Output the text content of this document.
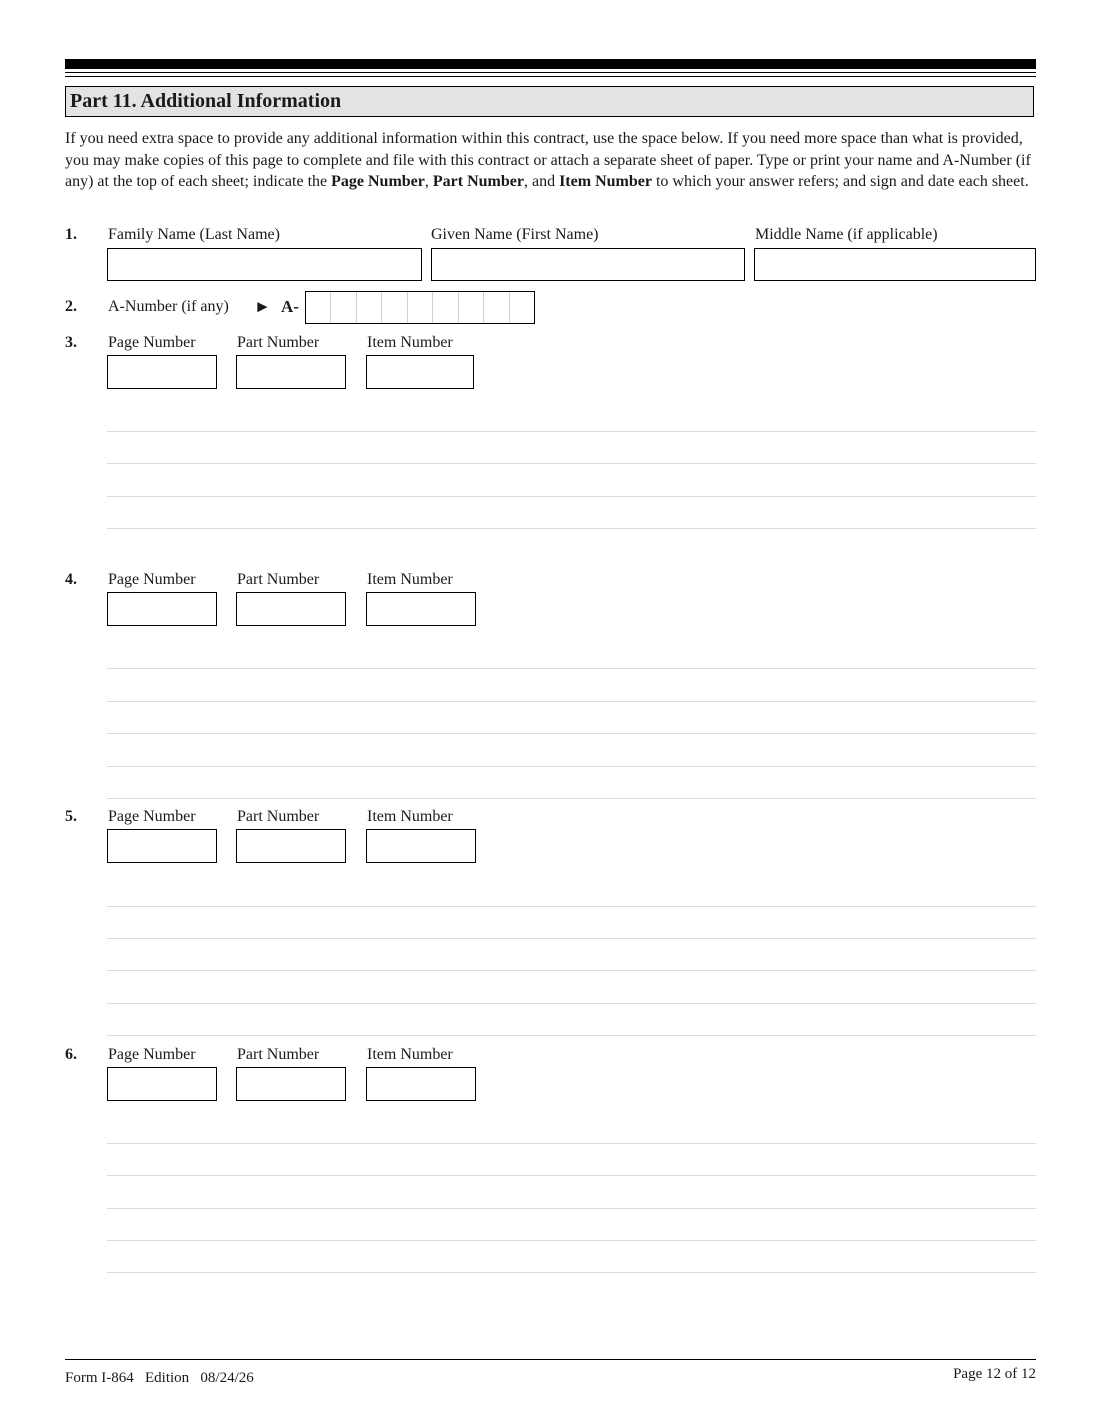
Part 11. Additional Information
If you need extra space to provide any additional information within this contract, use the space below. If you need more space than what is provided, you may make copies of this page to complete and file with this contract or attach a separate sheet of paper. Type or print your name and A-Number (if any) at the top of each sheet; indicate the Page Number, Part Number, and Item Number to which your answer refers; and sign and date each sheet.
1. Family Name (Last Name)	Given Name (First Name)	Middle Name (if applicable)
2. A-Number (if any) ► A-
3. Page Number	Part Number	Item Number
4. Page Number	Part Number	Item Number
5. Page Number	Part Number	Item Number
6. Page Number	Part Number	Item Number
Form I-864   Edition   08/24/26	Page 12 of 12
